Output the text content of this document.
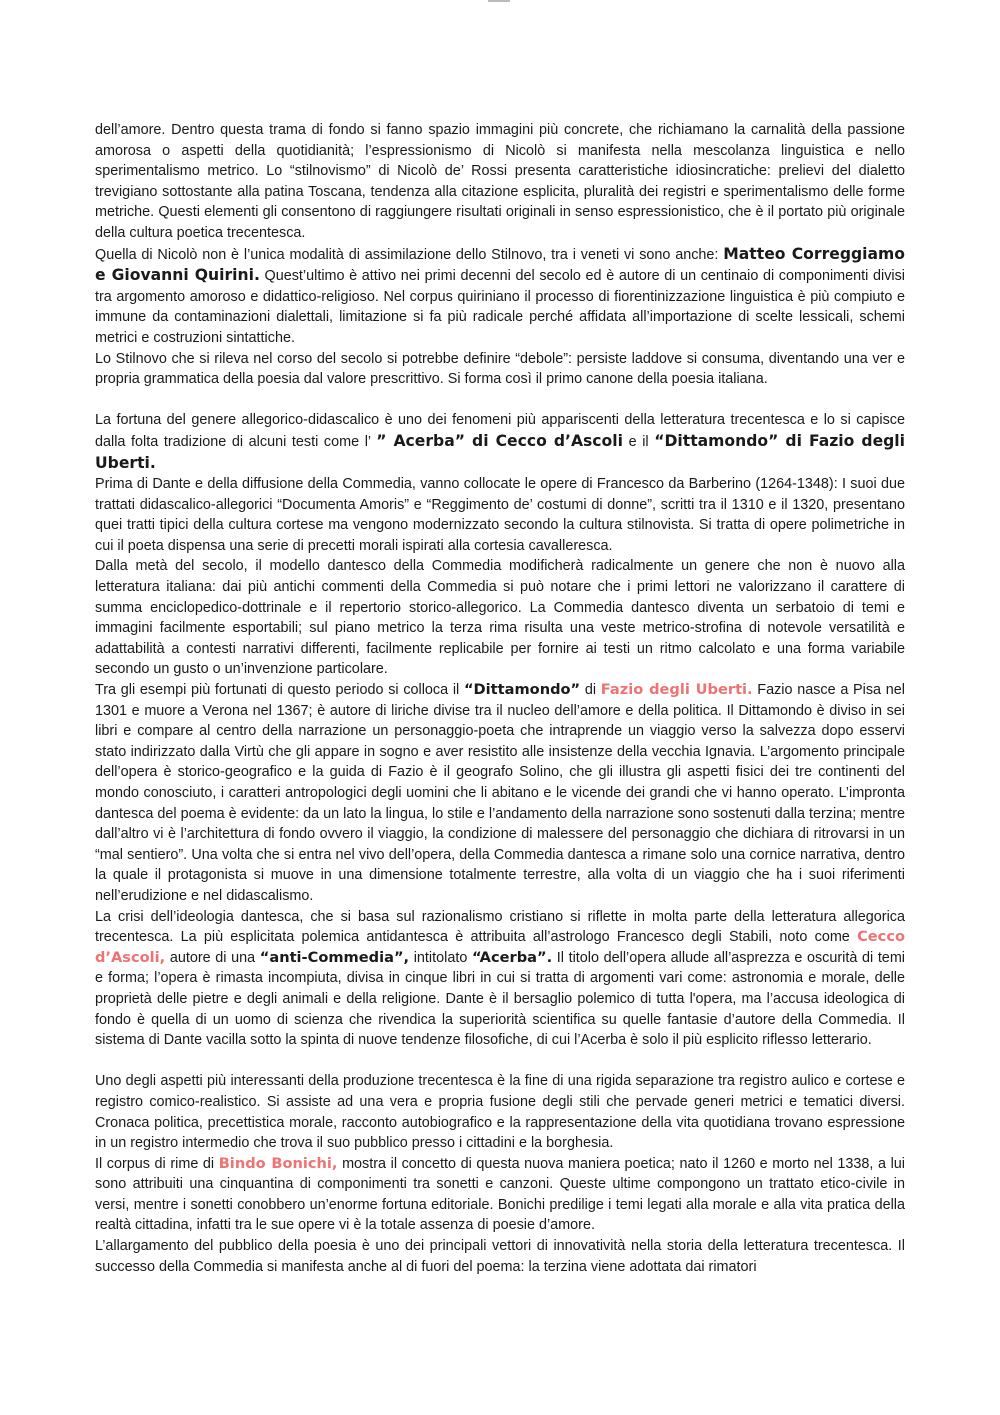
dell’amore. Dentro questa trama di fondo si fanno spazio immagini più concrete, che richiamano la carnalità della passione amorosa o aspetti della quotidianità; l’espressionismo di Nicolò si manifesta nella mescolanza linguistica e nello sperimentalismo metrico. Lo “stilnovismo” di Nicolò de’ Rossi presenta caratteristiche idiosincratiche: prelievi del dialetto trevigiano sottostante alla patina Toscana, tendenza alla citazione esplicita, pluralità dei registri e sperimentalismo delle forme metriche. Questi elementi gli consentono di raggiungere risultati originali in senso espressionistico, che è il portato più originale della cultura poetica trecentesca.

Quella di Nicolò non è l’unica modalità di assimilazione dello Stilnovo, tra i veneti vi sono anche: Matteo Correggiamo e Giovanni Quirini. Quest’ultimo è attivo nei primi decenni del secolo ed è autore di un centinaio di componimenti divisi tra argomento amoroso e didattico-religioso. Nel corpus quiriniano il processo di fiorentinizzazione linguistica è più compiuto e immune da contaminazioni dialettali, limitazione si fa più radicale perché affidata all’importazione di scelte lessicali, schemi metrici e costruzioni sintattiche.

Lo Stilnovo che si rileva nel corso del secolo si potrebbe definire “debole”: persiste laddove si consuma, diventando una ver e propria grammatica della poesia dal valore prescrittivo. Si forma così il primo canone della poesia italiana.

La fortuna del genere allegorico-didascalico è uno dei fenomeni più appariscenti della letteratura trecentesca e lo si capisce dalla folta tradizione di alcuni testi come l’ ” Acerba” di Cecco d’Ascoli e il “Dittamondo” di Fazio degli Uberti.

Prima di Dante e della diffusione della Commedia, vanno collocate le opere di Francesco da Barberino (1264-1348): I suoi due trattati didascalico-allegorici “Documenta Amoris” e “Reggimento de’ costumi di donne”, scritti tra il 1310 e il 1320, presentano quei tratti tipici della cultura cortese ma vengono modernizzato secondo la cultura stilnovista. Si tratta di opere polimetriche in cui il poeta dispensa una serie di precetti morali ispirati alla cortesia cavalleresca.

Dalla metà del secolo, il modello dantesco della Commedia modificherà radicalmente un genere che non è nuovo alla letteratura italiana: dai più antichi commenti della Commedia si può notare che i primi lettori ne valorizzano il carattere di summa enciclopedico-dottrinale e il repertorio storico-allegorico. La Commedia dantesco diventa un serbatoio di temi e immagini facilmente esportabili; sul piano metrico la terza rima risulta una veste metrico-strofina di notevole versatilità e adattabilità a contesti narrativi differenti, facilmente replicabile per fornire ai testi un ritmo calcolato e una forma variabile secondo un gusto o un’invenzione particolare.

Tra gli esempi più fortunati di questo periodo si colloca il “Dittamondo” di Fazio degli Uberti. Fazio nasce a Pisa nel 1301 e muore a Verona nel 1367; è autore di liriche divise tra il nucleo dell’amore e della politica. Il Dittamondo è diviso in sei libri e compare al centro della narrazione un personaggio-poeta che intraprende un viaggio verso la salvezza dopo esservi stato indirizzato dalla Virtù che gli appare in sogno e aver resistito alle insistenze della vecchia Ignavia. L’argomento principale dell’opera è storico-geografico e la guida di Fazio è il geografo Solino, che gli illustra gli aspetti fisici dei tre continenti del mondo conosciuto, i caratteri antropologici degli uomini che li abitano e le vicende dei grandi che vi hanno operato. L’impronta dantesca del poema è evidente: da un lato la lingua, lo stile e l’andamento della narrazione sono sostenuti dalla terzina; mentre dall’altro vi è l’architettura di fondo ovvero il viaggio, la condizione di malessere del personaggio che dichiara di ritrovarsi in un “mal sentiero”. Una volta che si entra nel vivo dell’opera, della Commedia dantesca a rimane solo una cornice narrativa, dentro la quale il protagonista si muove in una dimensione totalmente terrestre, alla volta di un viaggio che ha i suoi riferimenti nell’erudizione e nel didascalismo.

La crisi dell’ideologia dantesca, che si basa sul razionalismo cristiano si riflette in molta parte della letteratura allegorica trecentesca. La più esplicitata polemica antidantesca è attribuita all’astrologo Francesco degli Stabili, noto come Cecco d’Ascoli, autore di una “anti-Commedia”, intitolato “Acerba”. Il titolo dell’opera allude all’asprezza e oscurità di temi e forma; l’opera è rimasta incompiuta, divisa in cinque libri in cui si tratta di argomenti vari come: astronomia e morale, delle proprietà delle pietre e degli animali e della religione. Dante è il bersaglio polemico di tutta l'opera, ma l’accusa ideologica di fondo è quella di un uomo di scienza che rivendica la superiorità scientifica su quelle fantasie d’autore della Commedia. Il sistema di Dante vacilla sotto la spinta di nuove tendenze filosofiche, di cui l’Acerba è solo il più esplicito riflesso letterario.

Uno degli aspetti più interessanti della produzione trecentesca è la fine di una rigida separazione tra registro aulico e cortese e registro comico-realistico. Si assiste ad una vera e propria fusione degli stili che pervade generi metrici e tematici diversi. Cronaca politica, precettistica morale, racconto autobiografico e la rappresentazione della vita quotidiana trovano espressione in un registro intermedio che trova il suo pubblico presso i cittadini e la borghesia.

Il corpus di rime di Bindo Bonichi, mostra il concetto di questa nuova maniera poetica; nato il 1260 e morto nel 1338, a lui sono attribuiti una cinquantina di componimenti tra sonetti e canzoni. Queste ultime compongono un trattato etico-civile in versi, mentre i sonetti conobbero un’enorme fortuna editoriale. Bonichi predilige i temi legati alla morale e alla vita pratica della realtà cittadina, infatti tra le sue opere vi è la totale assenza di poesie d’amore.

L’allargamento del pubblico della poesia è uno dei principali vettori di innovatività nella storia della letteratura trecentesca. Il successo della Commedia si manifesta anche al di fuori del poema: la terzina viene adottata dai rimatori
